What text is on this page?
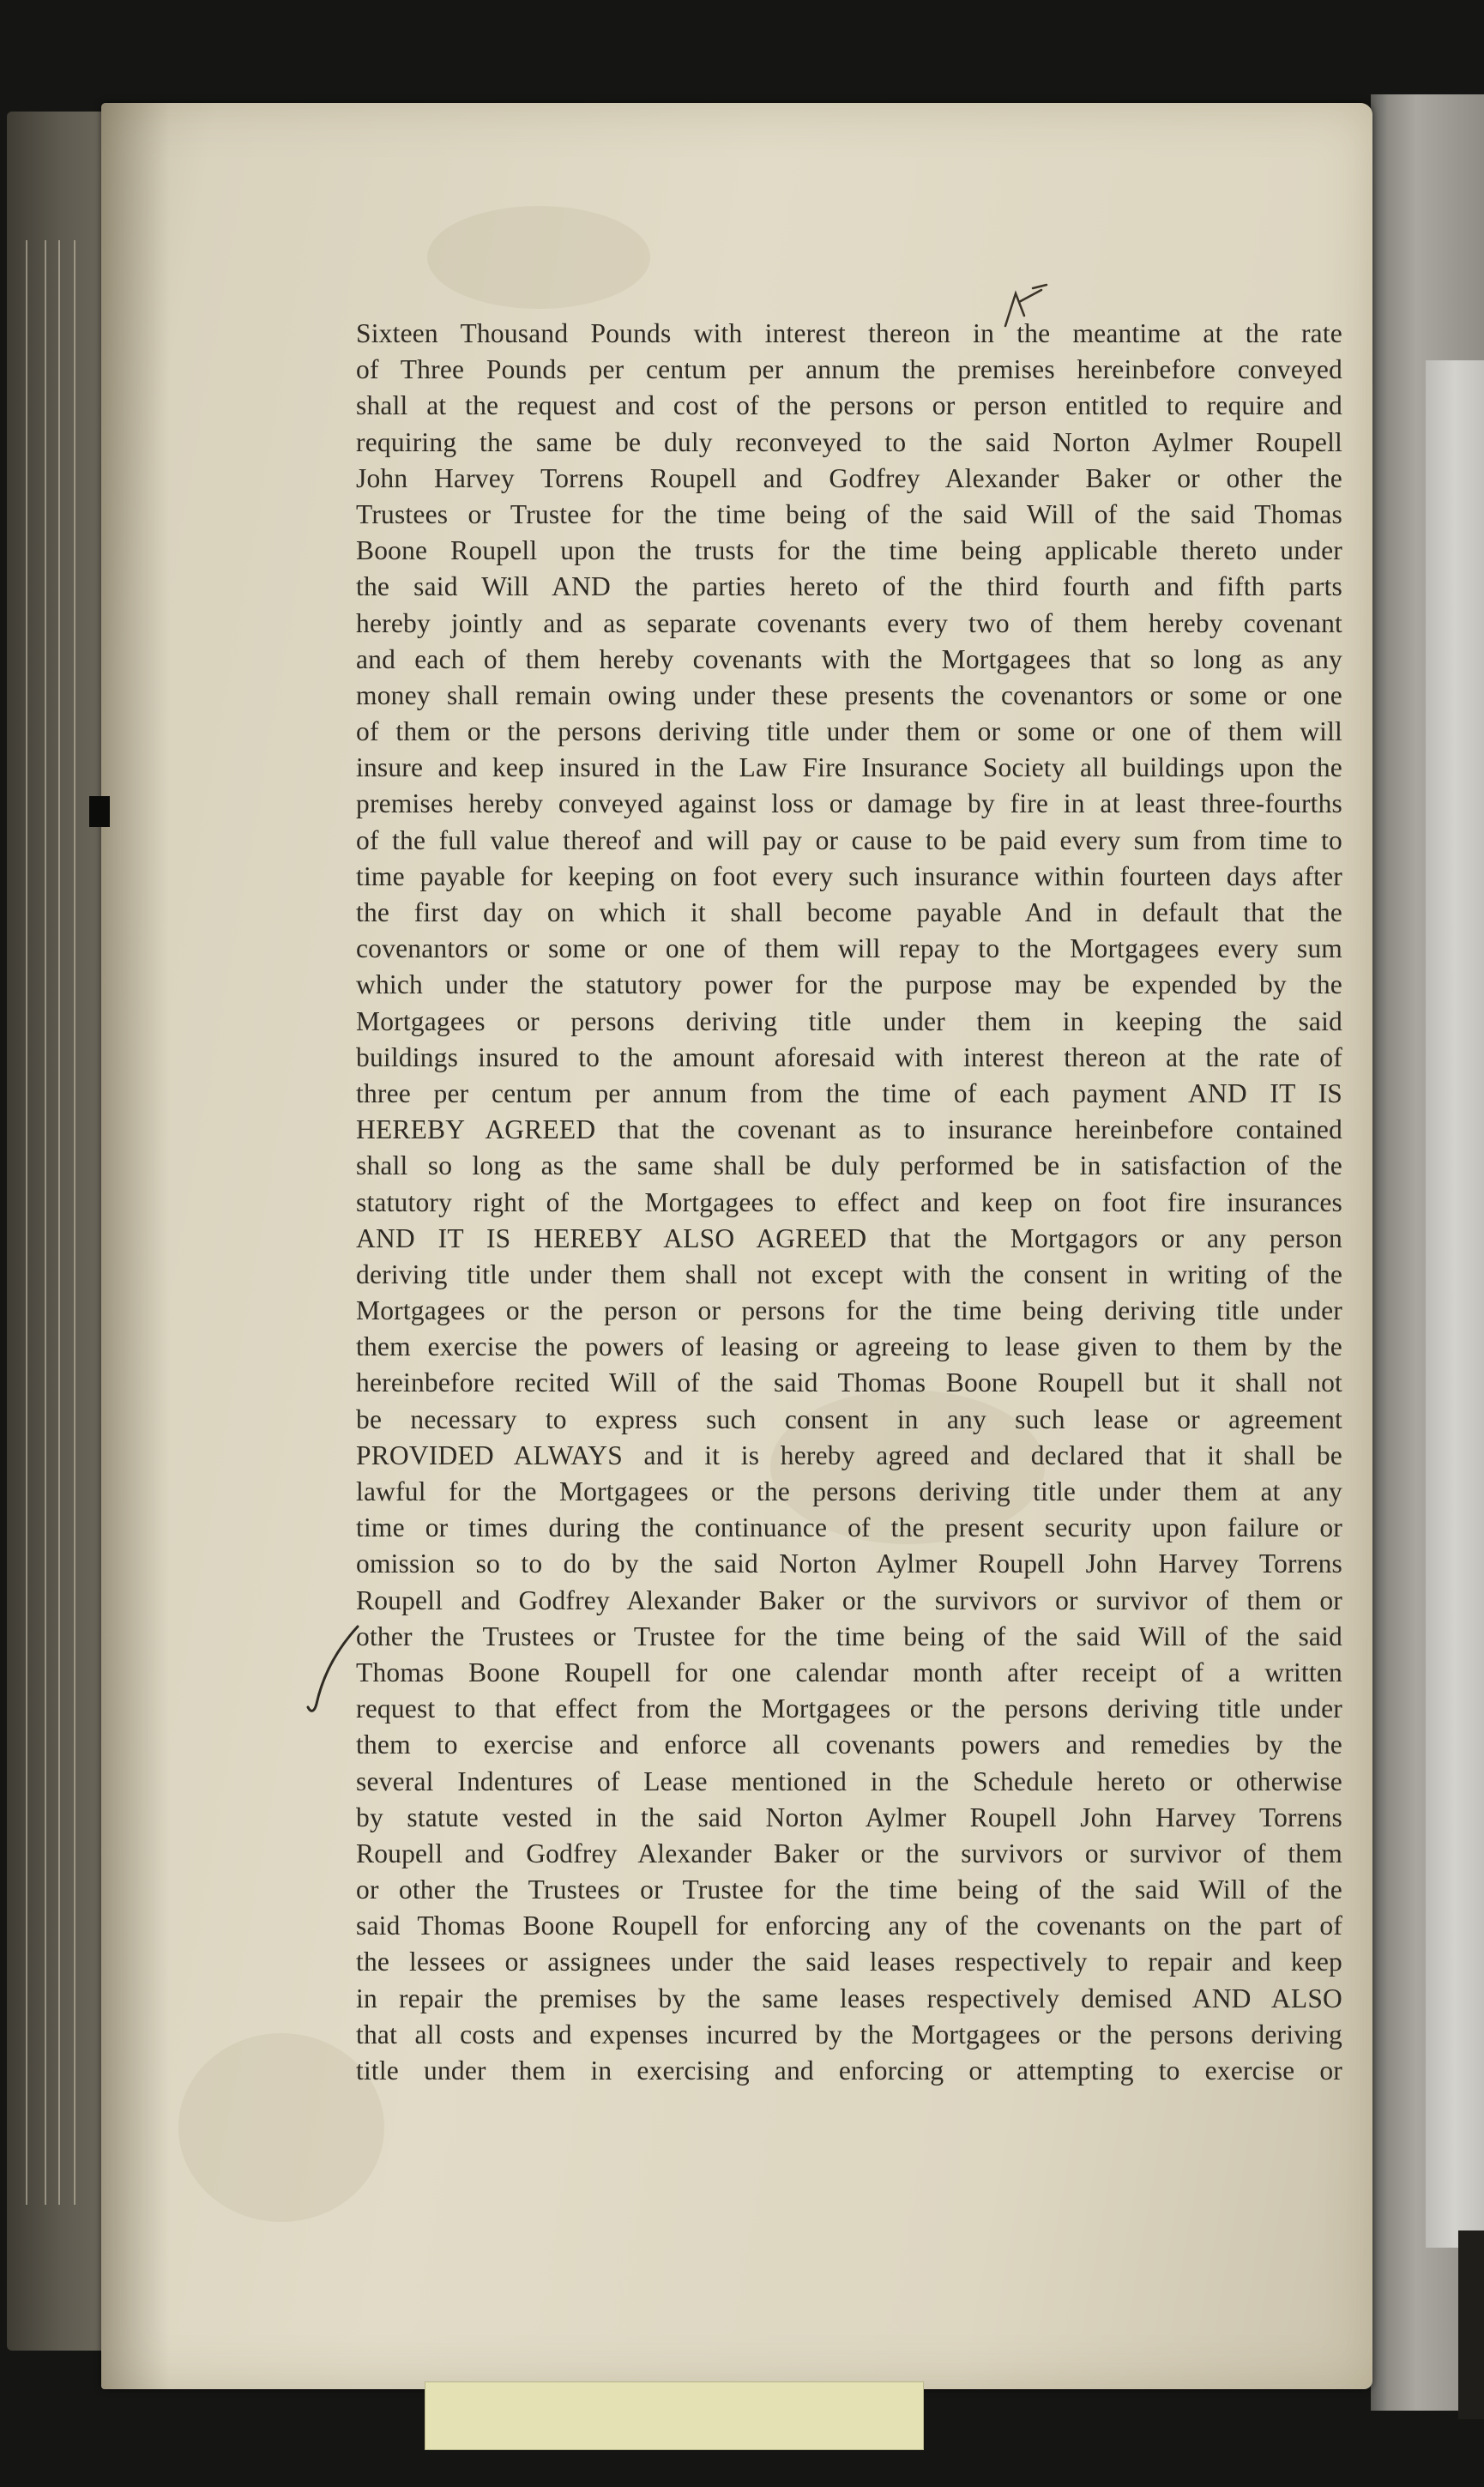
Sixteen Thousand Pounds with interest thereon in the meantime at the rate
of Three Pounds per centum per annum the premises hereinbefore conveyed
shall at the request and cost of the persons or person entitled to require and
requiring the same be duly reconveyed to the said Norton Aylmer Roupell
John Harvey Torrens Roupell and Godfrey Alexander Baker or other the
Trustees or Trustee for the time being of the said Will of the said Thomas
Boone Roupell upon the trusts for the time being applicable thereto under
the said Will AND the parties hereto of the third fourth and fifth parts
hereby jointly and as separate covenants every two of them hereby covenant
and each of them hereby covenants with the Mortgagees that so long as any
money shall remain owing under these presents the covenantors or some or one
of them or the persons deriving title under them or some or one of them will
insure and keep insured in the Law Fire Insurance Society all buildings upon the
premises hereby conveyed against loss or damage by fire in at least three-fourths
of the full value thereof and will pay or cause to be paid every sum from time to
time payable for keeping on foot every such insurance within fourteen days after
the first day on which it shall become payable And in default that the
covenantors or some or one of them will repay to the Mortgagees every sum
which under the statutory power for the purpose may be expended by the
Mortgagees or persons deriving title under them in keeping the said
buildings insured to the amount aforesaid with interest thereon at the rate of
three per centum per annum from the time of each payment AND IT IS
HEREBY AGREED that the covenant as to insurance hereinbefore contained
shall so long as the same shall be duly performed be in satisfaction of the
statutory right of the Mortgagees to effect and keep on foot fire insurances
AND IT IS HEREBY ALSO AGREED that the Mortgagors or any person
deriving title under them shall not except with the consent in writing of the
Mortgagees or the person or persons for the time being deriving title under
them exercise the powers of leasing or agreeing to lease given to them by the
hereinbefore recited Will of the said Thomas Boone Roupell but it shall not
be necessary to express such consent in any such lease or agreement
PROVIDED ALWAYS and it is hereby agreed and declared that it shall be
lawful for the Mortgagees or the persons deriving title under them at any
time or times during the continuance of the present security upon failure or
omission so to do by the said Norton Aylmer Roupell John Harvey Torrens
Roupell and Godfrey Alexander Baker or the survivors or survivor of them or
other the Trustees or Trustee for the time being of the said Will of the said
Thomas Boone Roupell for one calendar month after receipt of a written
request to that effect from the Mortgagees or the persons deriving title under
them to exercise and enforce all covenants powers and remedies by the
several Indentures of Lease mentioned in the Schedule hereto or otherwise
by statute vested in the said Norton Aylmer Roupell John Harvey Torrens
Roupell and Godfrey Alexander Baker or the survivors or survivor of them
or other the Trustees or Trustee for the time being of the said Will of the
said Thomas Boone Roupell for enforcing any of the covenants on the part of
the lessees or assignees under the said leases respectively to repair and keep
in repair the premises by the same leases respectively demised AND ALSO
that all costs and expenses incurred by the Mortgagees or the persons deriving
title under them in exercising and enforcing or attempting to exercise or
